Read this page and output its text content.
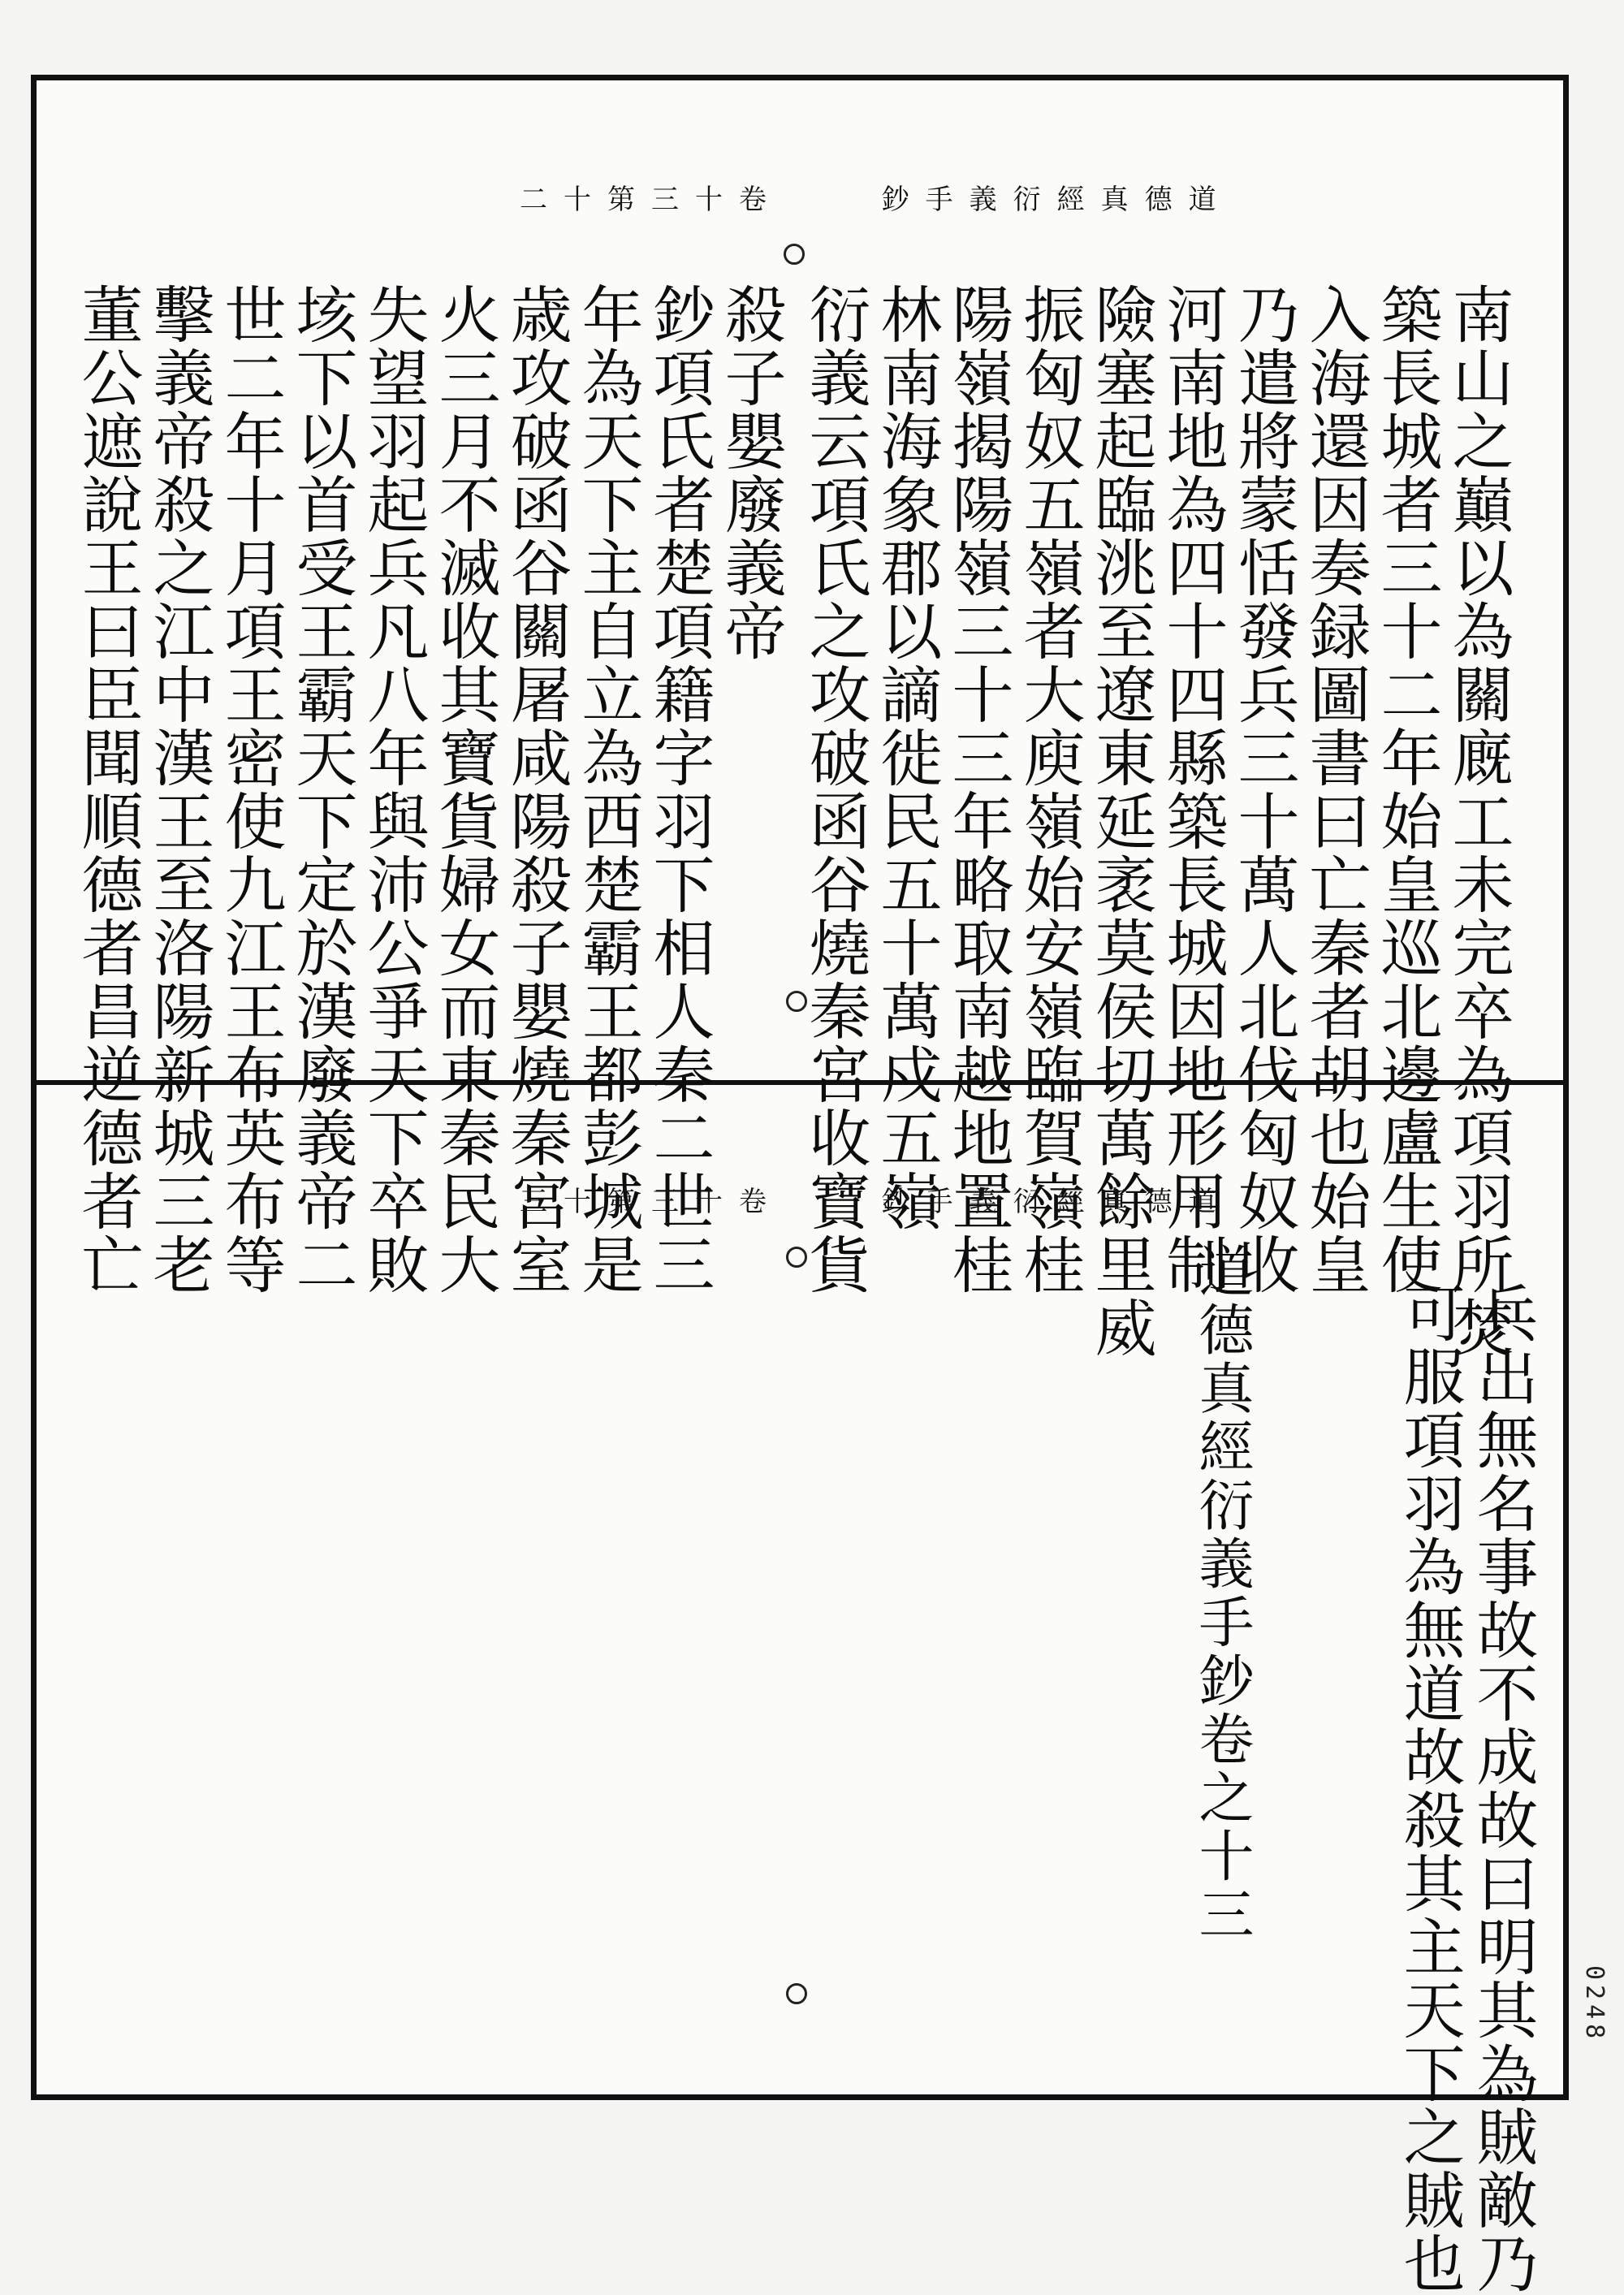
二十第三十卷	鈔手義衍經真德道
南山之巔以為關廐工未完卒為項羽所焚
築長城者三十二年始皇巡北邊盧生使
入海還因奏録圖書曰亡秦者胡也始皇
乃遣將蒙恬發兵三十萬人北伐匈奴收
河南地為四十四縣築長城因地形用制
險塞起臨洮至遼東延袤莫侯切萬餘里威
振匈奴五嶺者大庾嶺始安嶺臨賀嶺桂
陽嶺揭陽嶺三十三年略取南越地置桂
林南海象郡以謫徙民五十萬戍五嶺
衍義云項氏之攻破函谷燒秦宮收寶貨
殺子嬰廢義帝
鈔項氏者楚項籍字羽下相人秦二世三
年為天下主自立為西楚霸王都彭城是
歳攻破函谷關屠咸陽殺子嬰燒秦宮室
火三月不滅收其寶貨婦女而東秦民大
失望羽起兵凡八年與沛公爭天下卒敗
垓下以首受王霸天下定於漢廢義帝二
世二年十月項王密使九江王布英布等
擊義帝殺之江中漢王至洛陽新城三老
董公遮說王曰臣聞順德者昌逆德者亡	三十第三十卷	鈔手義衍經真德道
兵出無名事故不成故曰明其為賊敵乃
可服項羽為無道故殺其主天下之賊也
道德真經衍義手鈔卷之十三
0248
